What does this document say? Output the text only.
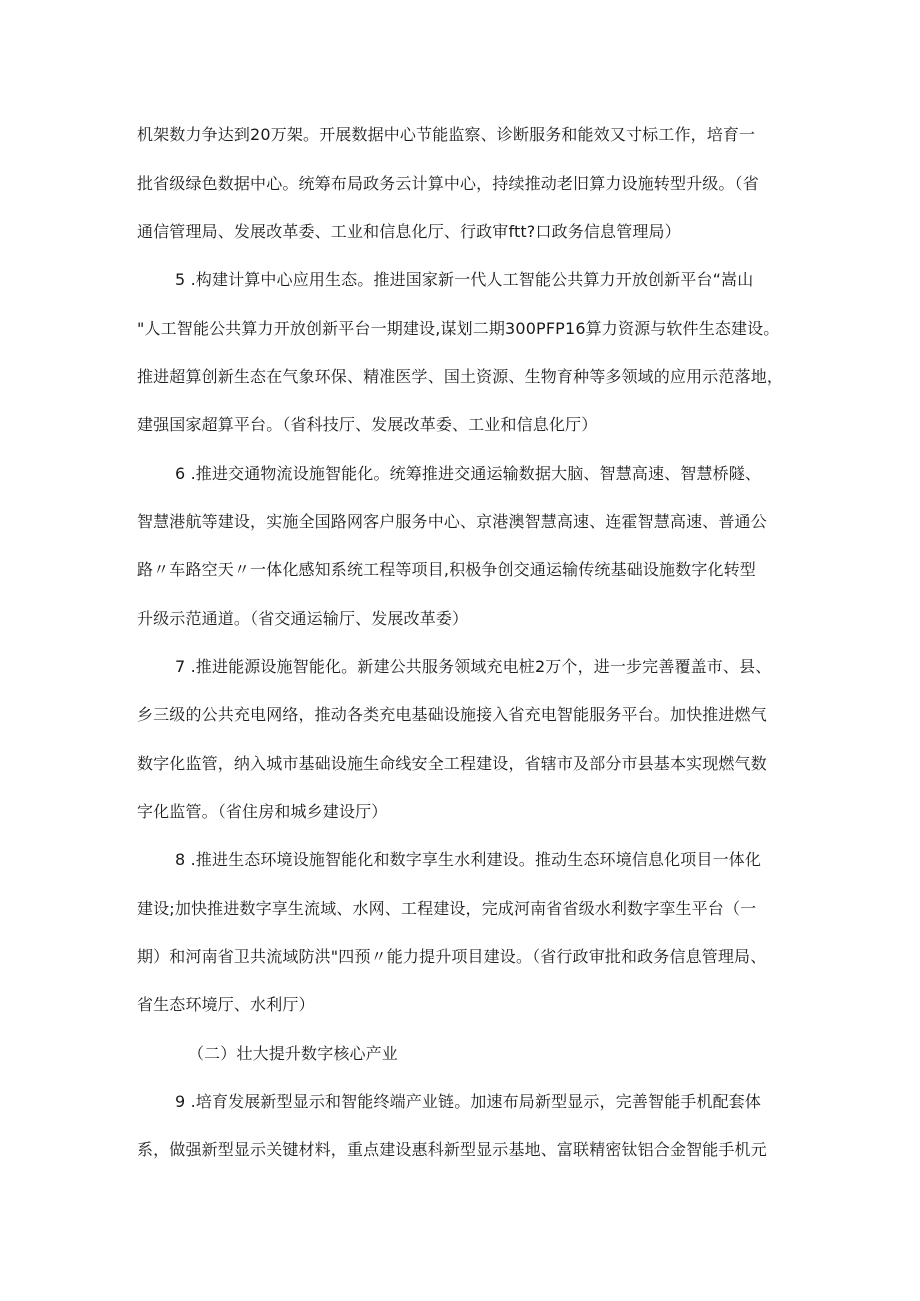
机架数力争达到20万架。开展数据中心节能监察、诊断服务和能效又寸标工作，培育一
批省级绿色数据中心。统筹布局政务云计算中心，持续推动老旧算力设施转型升级。（省
通信管理局、发展改革委、工业和信息化厅、行政审ftt?口政务信息管理局）
5 .构建计算中心应用生态。推进国家新一代人工智能公共算力开放创新平台“嵩山
"人工智能公共算力开放创新平台一期建设,谋划二期300PFP16算力资源与软件生态建设。
推进超算创新生态在气象环保、精准医学、国土资源、生物育种等多领域的应用示范落地，
建强国家超算平台。（省科技厅、发展改革委、工业和信息化厅）
6 .推进交通物流设施智能化。统筹推进交通运输数据大脑、智慧高速、智慧桥隧、
智慧港航等建设，实施全国路网客户服务中心、京港澳智慧高速、连霍智慧高速、普通公
路〃车路空天〃一体化感知系统工程等项目,积极争创交通运输传统基础设施数字化转型
升级示范通道。（省交通运输厅、发展改革委）
7 .推进能源设施智能化。新建公共服务领域充电桩2万个，进一步完善覆盖市、县、
乡三级的公共充电网络，推动各类充电基础设施接入省充电智能服务平台。加快推进燃气
数字化监管，纳入城市基础设施生命线安全工程建设，省辖市及部分市县基本实现燃气数
字化监管。（省住房和城乡建设厅）
8 .推进生态环境设施智能化和数字享生水利建设。推动生态环境信息化项目一体化
建设;加快推进数字享生流域、水网、工程建设，完成河南省省级水利数字挛生平台（一
期）和河南省卫共流域防洪"四预〃能力提升项目建设。（省行政审批和政务信息管理局、
省生态环境厅、水利厅）
（二）壮大提升数字核心产业
9 .培育发展新型显示和智能终端产业链。加速布局新型显示，完善智能手机配套体
系，做强新型显示关键材料，重点建设惠科新型显示基地、富联精密钛铝合金智能手机元
